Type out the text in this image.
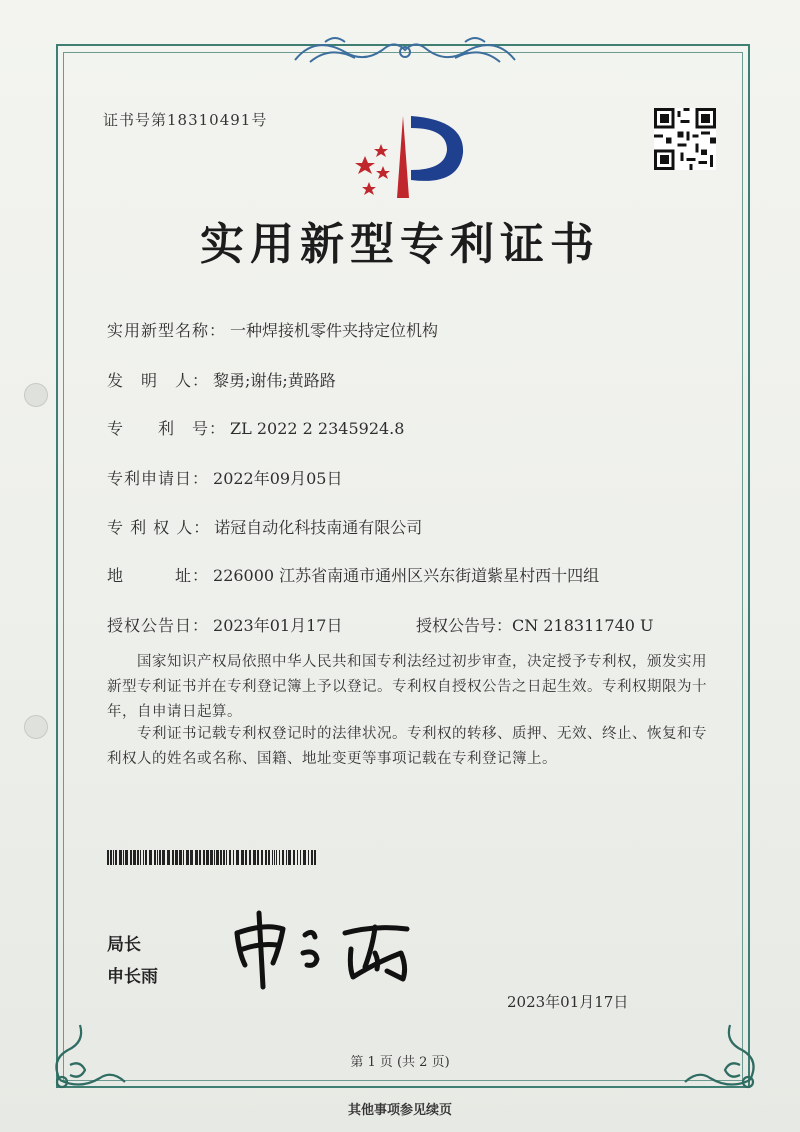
证书号第18310491号
实用新型专利证书
实用新型名称： 一种焊接机零件夹持定位机构
发　明　人： 黎勇;谢伟;黄路路
专　　利　号： ZL 2022 2 2345924.8
专利申请日： 2022年09月05日
专 利 权 人： 诺冠自动化科技南通有限公司
地　　　址： 226000 江苏省南通市通州区兴东街道紫星村西十四组
授权公告日： 2023年01月17日	授权公告号：CN 218311740 U
国家知识产权局依照中华人民共和国专利法经过初步审查，决定授予专利权，颁发实用新型专利证书并在专利登记簿上予以登记。专利权自授权公告之日起生效。专利权期限为十年，自申请日起算。
专利证书记载专利权登记时的法律状况。专利权的转移、质押、无效、终止、恢复和专利权人的姓名或名称、国籍、地址变更等事项记载在专利登记簿上。
局长
申长雨
2023年01月17日
第 1 页 (共 2 页)
其他事项参见续页
